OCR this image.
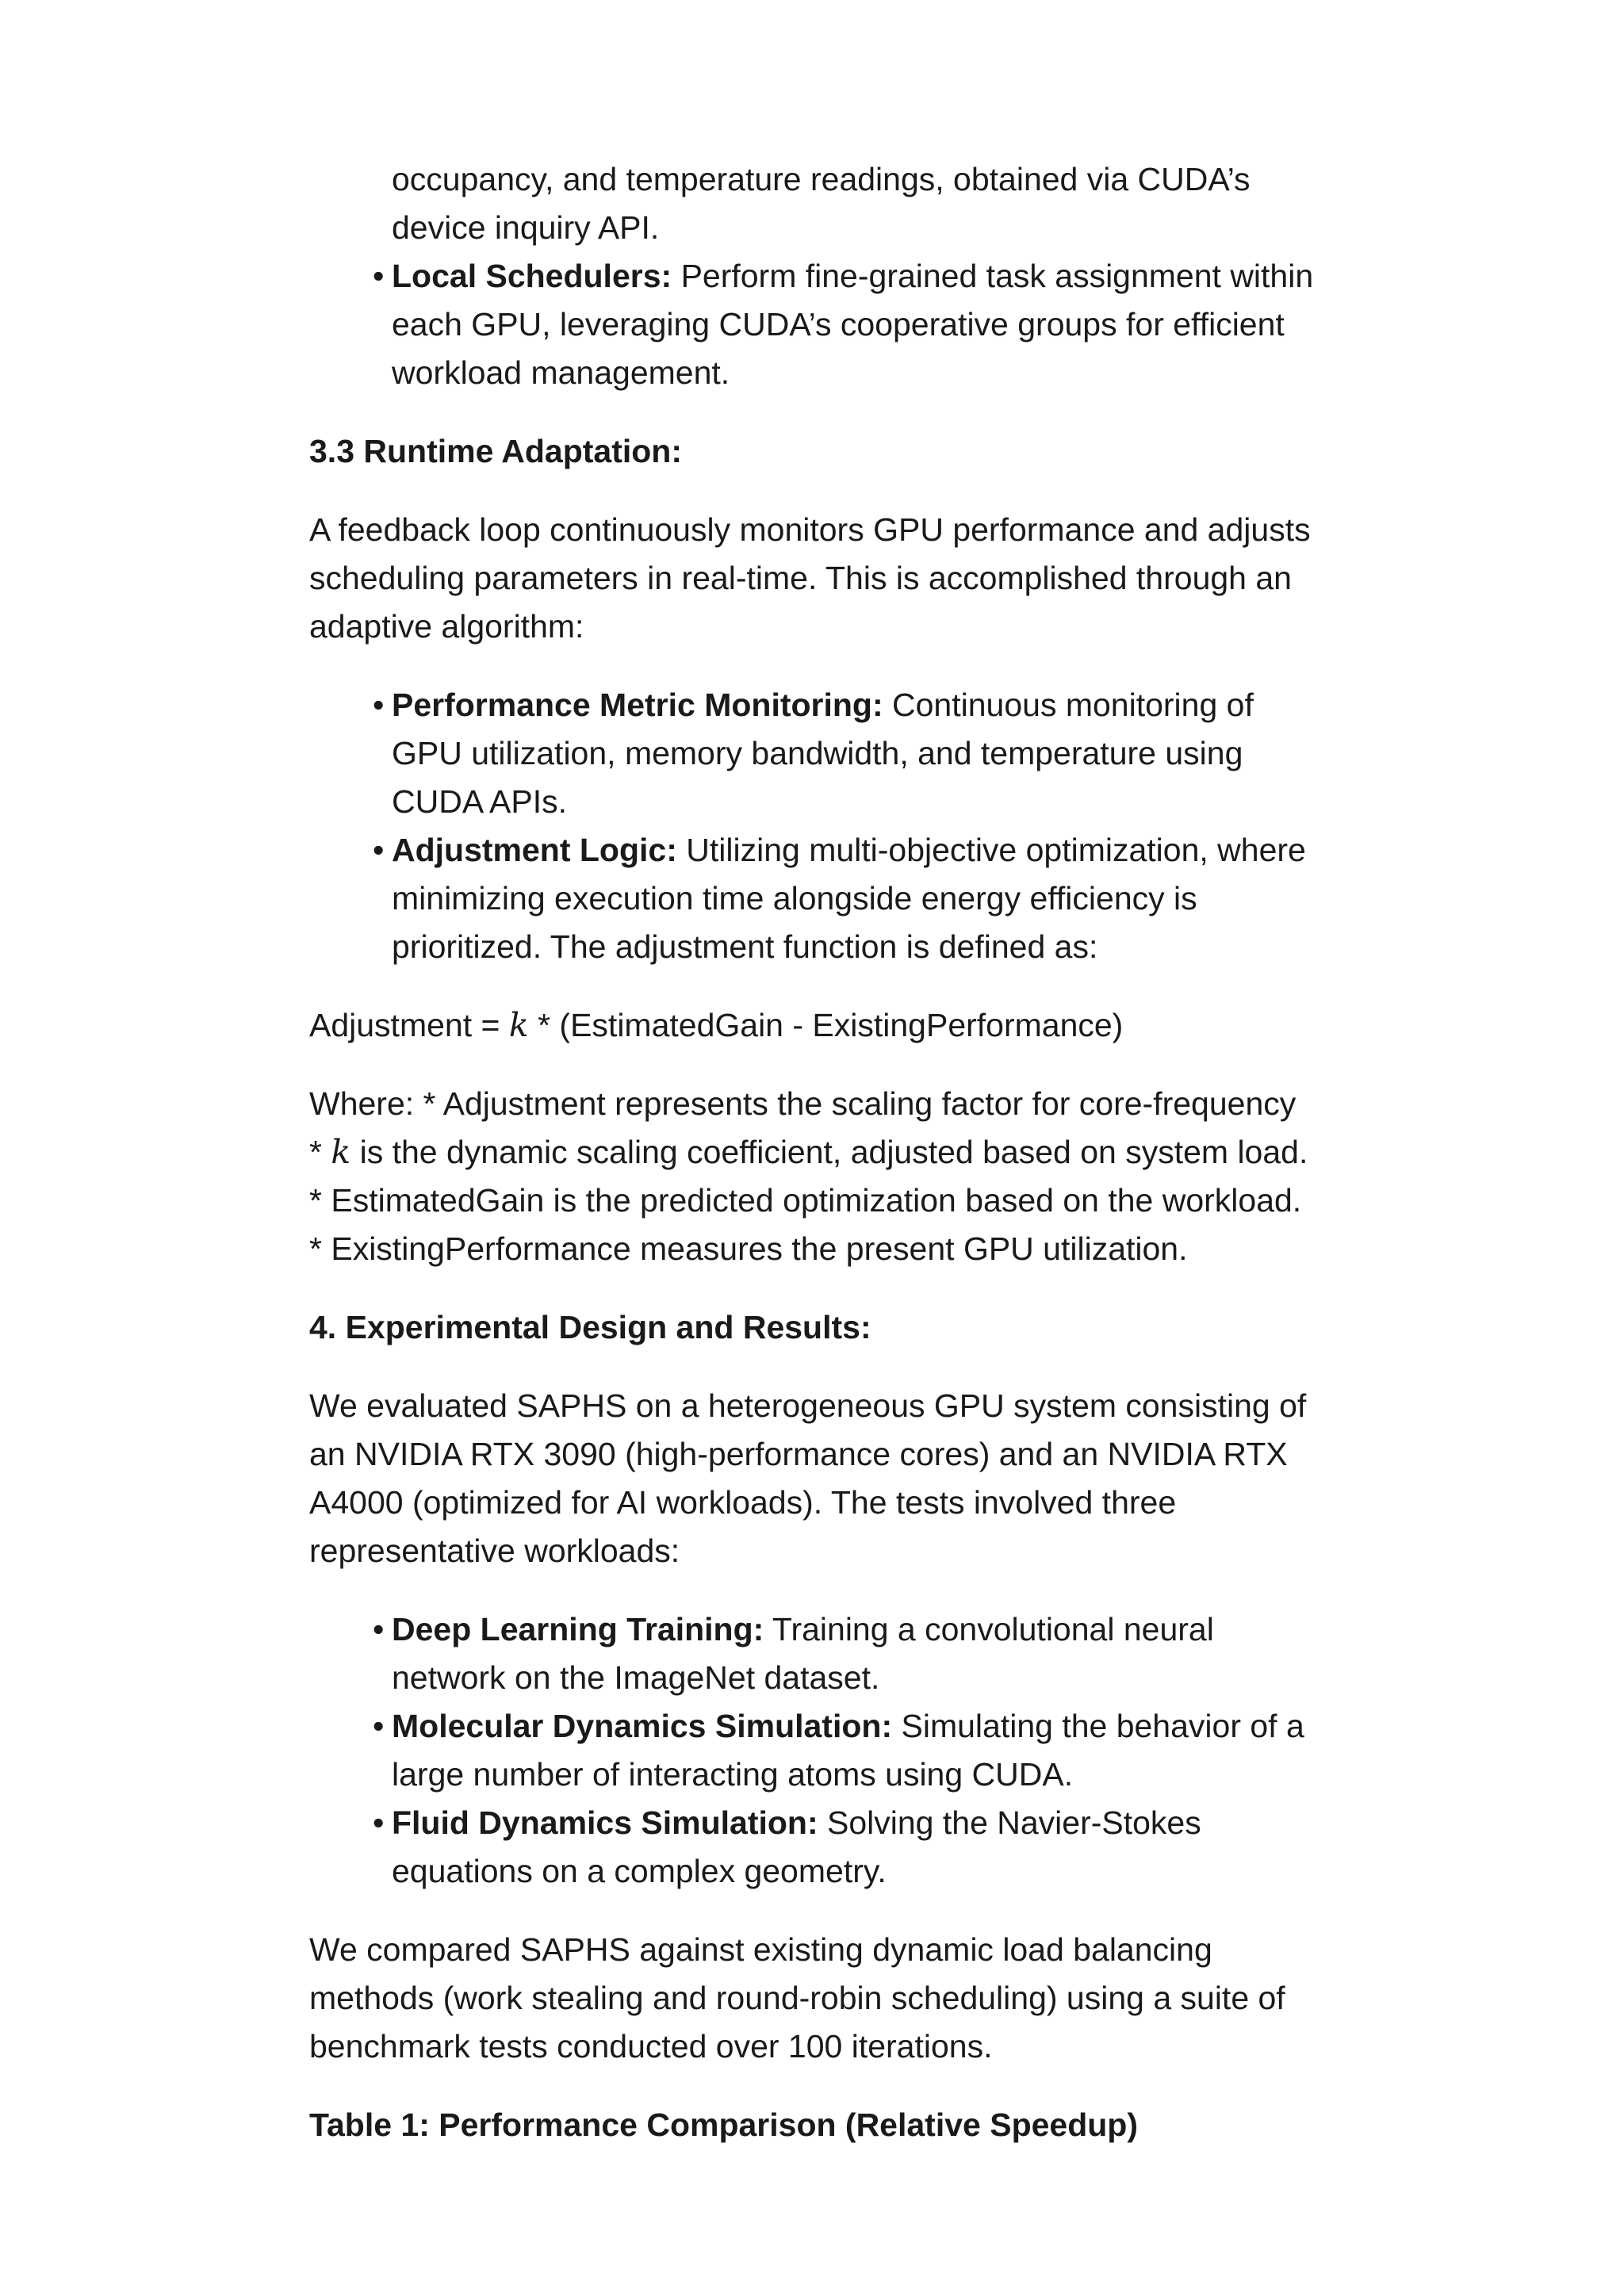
occupancy, and temperature readings, obtained via CUDA’s device inquiry API.

• Local Schedulers: Perform fine-grained task assignment within each GPU, leveraging CUDA’s cooperative groups for efficient workload management.

3.3 Runtime Adaptation:

A feedback loop continuously monitors GPU performance and adjusts scheduling parameters in real-time. This is accomplished through an adaptive algorithm:

• Performance Metric Monitoring: Continuous monitoring of GPU utilization, memory bandwidth, and temperature using CUDA APIs.
• Adjustment Logic: Utilizing multi-objective optimization, where minimizing execution time alongside energy efficiency is prioritized. The adjustment function is defined as:

Adjustment = k * (EstimatedGain - ExistingPerformance)

Where: * Adjustment represents the scaling factor for core-frequency * k is the dynamic scaling coefficient, adjusted based on system load. * EstimatedGain is the predicted optimization based on the workload. * ExistingPerformance measures the present GPU utilization.

4. Experimental Design and Results:

We evaluated SAPHS on a heterogeneous GPU system consisting of an NVIDIA RTX 3090 (high-performance cores) and an NVIDIA RTX A4000 (optimized for AI workloads). The tests involved three representative workloads:

• Deep Learning Training: Training a convolutional neural network on the ImageNet dataset.
• Molecular Dynamics Simulation: Simulating the behavior of a large number of interacting atoms using CUDA.
• Fluid Dynamics Simulation: Solving the Navier-Stokes equations on a complex geometry.

We compared SAPHS against existing dynamic load balancing methods (work stealing and round-robin scheduling) using a suite of benchmark tests conducted over 100 iterations.

Table 1: Performance Comparison (Relative Speedup)
